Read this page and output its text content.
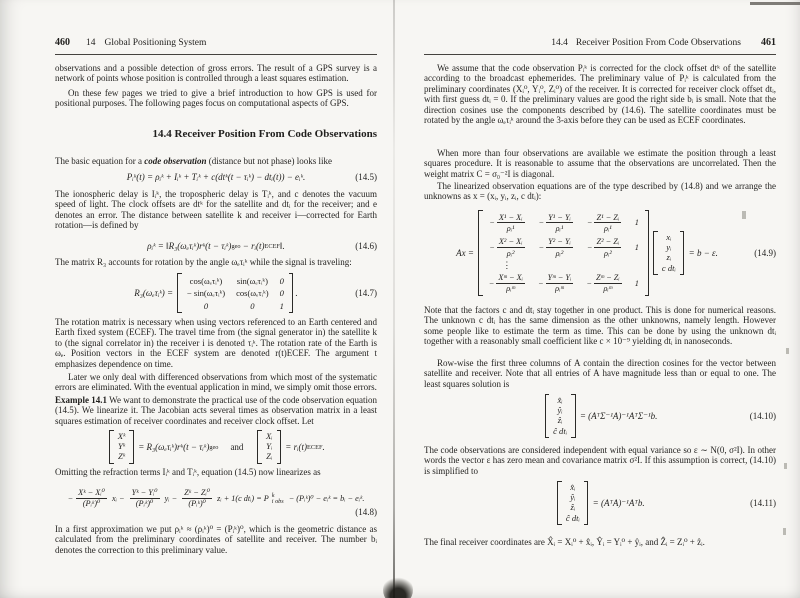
460 14 Global Positioning System

observations and a possible detection of gross errors. The result of a GPS survey is a network of points whose position is controlled through a least squares estimation.

On these few pages we tried to give a brief introduction to how GPS is used for positional purposes. The following pages focus on computational aspects of GPS.

14.4 Receiver Position From Code Observations

The basic equation for a code observation (distance but not phase) looks like

Pᵢᵏ(t) = ρᵢᵏ + Iᵢᵏ + Tᵢᵏ + c(dtᵏ(t − τᵢᵏ) − dtᵢ(t)) − eᵢᵏ.	(14.5)

The ionospheric delay is Iᵢᵏ, the tropospheric delay is Tᵢᵏ, and c denotes the vacuum speed of light. The clock offsets are dtᵏ for the satellite and dtᵢ for the receiver; and e denotes an error. The distance between satellite k and receiver i—corrected for Earth rotation—is defined by

ρᵢᵏ = ‖R₃(ωₑτᵢᵏ)rᵏ(t − τᵢᵏ) geo − rᵢ(t) ECEF ‖.	(14.6)

The matrix R₃ accounts for rotation by the angle ωₑτᵢᵏ while the signal is traveling:

R₃(ωₑτᵢᵏ) =
cos(ωₑτᵢᵏ) sin(ωₑτᵢᵏ) 0
− sin(ωₑτᵢᵏ) cos(ωₑτᵢᵏ) 0
0	0	1
.	(14.7)

The rotation matrix is necessary when using vectors referenced to an Earth centered and Earth fixed system (ECEF). The travel time from (the signal generator in) the satellite k to (the signal correlator in) the receiver i is denoted τᵢᵏ. The rotation rate of the Earth is ωₑ. Position vectors in the ECEF system are denoted r(t)ECEF. The argument t emphasizes dependence on time.

Later we only deal with differenced observations from which most of the systematic errors are eliminated. With the eventual application in mind, we simply omit those errors.

Example 14.1 We want to demonstrate the practical use of the code observation equation (14.5). We linearize it. The Jacobian acts several times as observation matrix in a least squares estimation of receiver coordinates and receiver clock offset. Let

Xᵏ
Yᵏ
Zᵏ
= R₃(ωₑτᵢᵏ)rᵏ(t − τᵢᵏ) geo and
Xᵢ
Yᵢ
Zᵢ
= rᵢ(t) ECEF .

Omitting the refraction terms Iᵢᵏ and Tᵢᵏ, equation (14.5) now linearizes as

− $\frac{\text{Xᵏ − Xᵢ⁰}}{\text{(Pᵢᵏ)⁰}}$ xᵢ − $\frac{\text{Yᵏ − Yᵢ⁰}}{\text{(Pᵢᵏ)⁰}}$ yᵢ − $\frac{\text{Zᵏ − Zᵢ⁰}}{\text{(Pᵢᵏ)⁰}}$ zᵢ + 1(c dtᵢ) = P k
i obs − (Pᵢᵏ)⁰ − eᵢᵏ = bᵢ − eᵢᵏ.
(14.8)

In a first approximation we put ρᵢᵏ ≈ (ρᵢᵏ)⁰ = (Pᵢᵏ)⁰, which is the geometric distance as calculated from the preliminary coordinates of satellite and receiver. The number bᵢ denotes the correction to this preliminary value.

14.4 Receiver Position From Code Observations 461

We assume that the code observation Pᵢᵏ is corrected for the clock offset dtᵏ of the satellite according to the broadcast ephemerides. The preliminary value of Pᵢᵏ is calculated from the preliminary coordinates (Xᵢ⁰, Yᵢ⁰, Zᵢ⁰) of the receiver. It is corrected for receiver clock offset dtᵢ, with first guess dtᵢ = 0. If the preliminary values are good the right side bᵢ is small. Note that the direction cosines use the components described by (14.6). The satellite coordinates must be rotated by the angle ωₑτᵢᵏ around the 3-axis before they can be used as ECEF coordinates.

When more than four observations are available we estimate the position through a least squares procedure. It is reasonable to assume that the observations are uncorrelated. Then the weight matrix C = σ₀⁻²I is diagonal.

The linearized observation equations are of the type described by (14.8) and we arrange the unknowns as x = (xᵢ, yᵢ, zᵢ, c dtᵢ):

Ax =
− $\frac{\text{X¹ − Xᵢ}}{\text{ρᵢ¹}} - \frac{\text{Y¹ − Yᵢ}}{\text{ρᵢ¹}} - \frac{\text{Z¹ − Zᵢ}}{\text{ρᵢ¹}} 1$
− $\frac{\text{X² − Xᵢ}}{\text{ρᵢ²}} - \frac{\text{Y² − Yᵢ}}{\text{ρᵢ²}} - \frac{\text{Z² − Zᵢ}}{\text{ρᵢ²}} 1$
⋮
− $\frac{\text{Xᵐ − Xᵢ}}{\text{ρᵢᵐ}} - \frac{\text{Yᵐ − Yᵢ}}{\text{ρᵢᵐ}} - \frac{\text{Zᵐ − Zᵢ}}{\text{ρᵢᵐ}} 1$
xᵢ
yᵢ
zᵢ
c dtᵢ
= b − ε.	(14.9)

Note that the factors c and dtᵢ stay together in one product. This is done for numerical reasons. The unknown c dtᵢ has the same dimension as the other unknowns, namely length. However some people like to estimate the term as time. This can be done by using the unknown dtᵢ together with a reasonably small coefficient like c × 10⁻⁹ yielding dtᵢ in nanoseconds.

Row-wise the first three columns of A contain the direction cosines for the vector between satellite and receiver. Note that all entries of A have magnitude less than or equal to one. The least squares solution is

x̂ᵢ
ŷᵢ
ẑᵢ
ĉ dtᵢ
= (AᵀΣ⁻¹A)⁻¹AᵀΣ⁻¹b.	(14.10)

The code observations are considered independent with equal variance so ε ∼ N(0, σ²I). In other words the vector ε has zero mean and covariance matrix σ²I. If this assumption is correct, (14.10) is simplified to

x̂ᵢ
ŷᵢ
ẑᵢ
ĉ dtᵢ
= (AᵀA)⁻¹Aᵀb.	(14.11)

The final receiver coordinates are X̂ᵢ = Xᵢ⁰ + x̂ᵢ, Ŷᵢ = Yᵢ⁰ + ŷᵢ, and Ẑᵢ = Zᵢ⁰ + ẑᵢ.
